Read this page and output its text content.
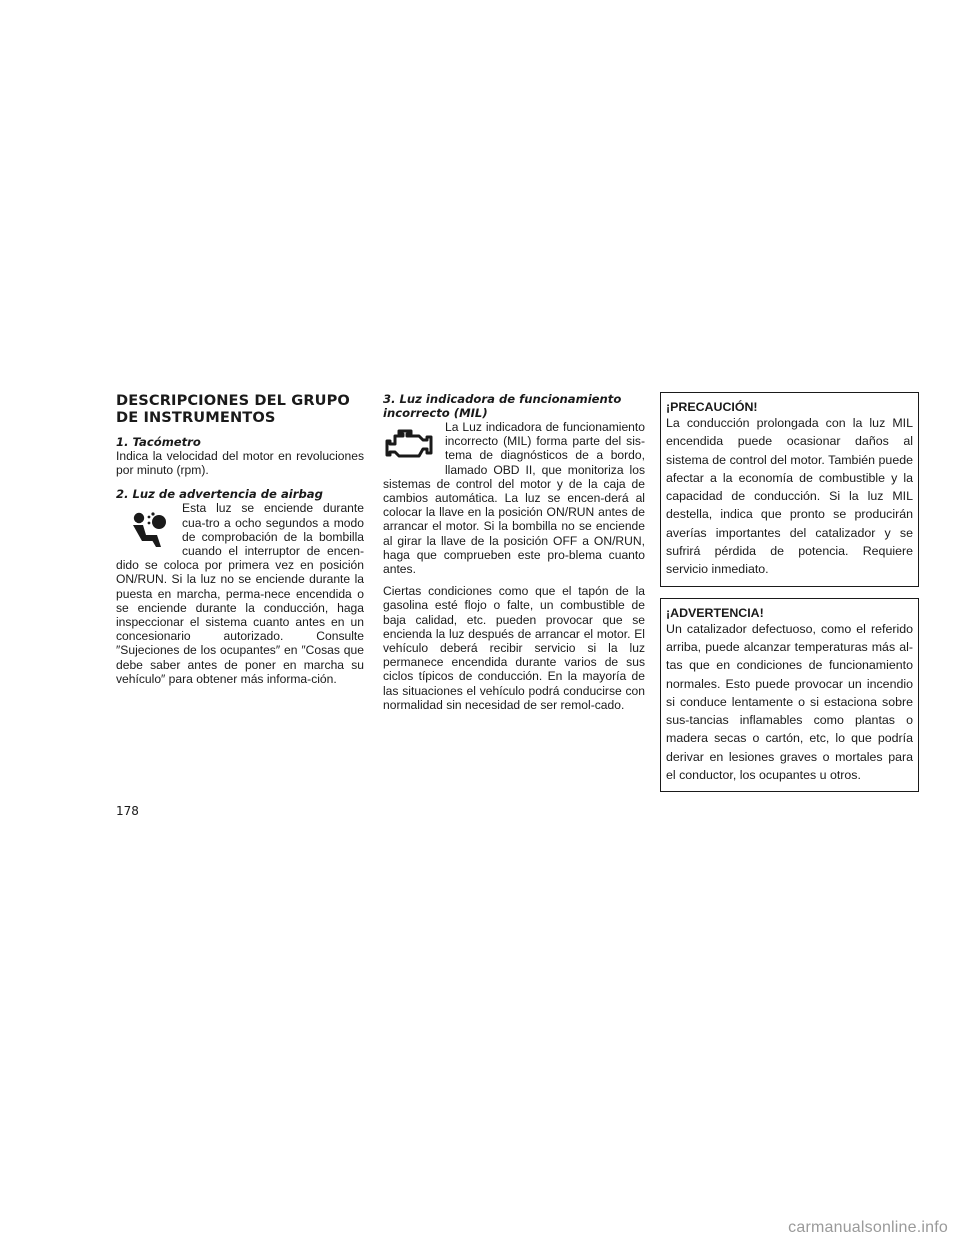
DESCRIPCIONES DEL GRUPO DE INSTRUMENTOS
1. Tacómetro

Indica la velocidad del motor en revoluciones por minuto (rpm).

2. Luz de advertencia de airbag

Esta luz se enciende durante cua-tro a ocho segundos a modo de comprobación de la bombilla cuando el interruptor de encen-dido se coloca por primera vez en posición ON/RUN. Si la luz no se enciende durante la puesta en marcha, perma-nece encendida o se enciende durante la conducción, haga inspeccionar el sistema cuanto antes en un concesionario autorizado. Consulte ″Sujeciones de los ocupantes″ en ″Cosas que debe saber antes de poner en marcha su vehículo″ para obtener más informa-ción.

3. Luz indicadora de funcionamiento incorrecto (MIL)

La Luz indicadora de funcionamiento incorrecto (MIL) forma parte del sis-tema de diagnósticos de a bordo, llamado OBD II, que monitoriza los sistemas de control del motor y de la caja de cambios automática. La luz se encen-derá al colocar la llave en la posición ON/RUN antes de arrancar el motor. Si la bombilla no se enciende al girar la llave de la posición OFF a ON/RUN, haga que comprueben este pro-blema cuanto antes.

Ciertas condiciones como que el tapón de la gasolina esté flojo o falte, un combustible de baja calidad, etc. pueden provocar que se encienda la luz después de arrancar el motor. El vehículo deberá recibir servicio si la luz permanece encendida durante varios de sus ciclos típicos de conducción. En la mayoría de las situaciones el vehículo podrá conducirse con normalidad sin necesidad de ser remol-cado.

¡PRECAUCIÓN!

La conducción prolongada con la luz MIL encendida puede ocasionar daños al sistema de control del motor. También puede afectar a la economía de combustible y la capacidad de conducción. Si la luz MIL destella, indica que pronto se producirán averías importantes del catalizador y se sufrirá pérdida de potencia. Requiere servicio inmediato.

¡ADVERTENCIA!

Un catalizador defectuoso, como el referido arriba, puede alcanzar temperaturas más al-tas que en condiciones de funcionamiento normales. Esto puede provocar un incendio si conduce lentamente o si estaciona sobre sus-tancias inflamables como plantas o madera secas o cartón, etc, lo que podría derivar en lesiones graves o mortales para el conductor, los ocupantes u otros.

178
carmanualsonline.info
